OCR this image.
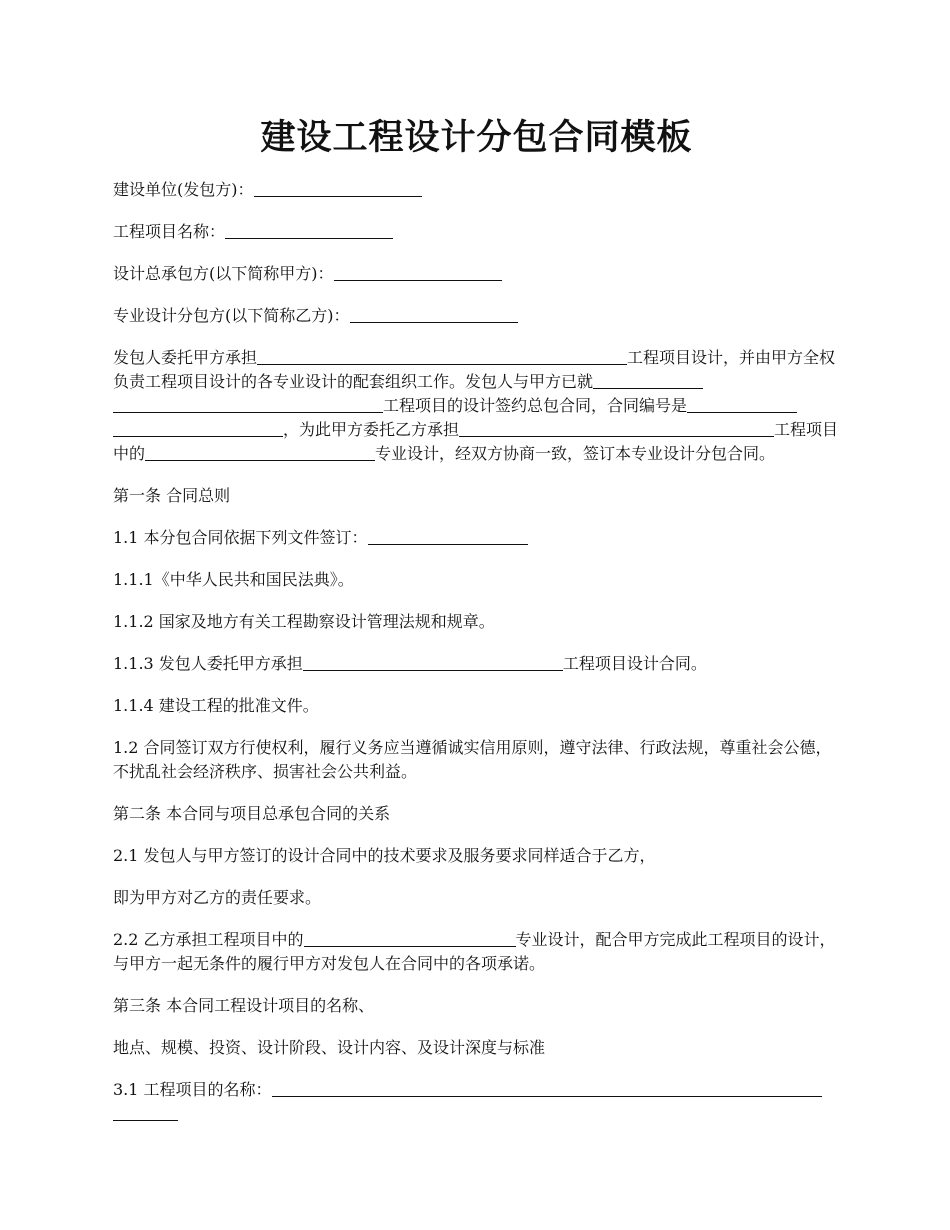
建设工程设计分包合同模板

建设单位(发包方)：

工程项目名称：

设计总承包方(以下简称甲方)：

专业设计分包方(以下简称乙方)：

发包人委托甲方承担	工程项目设计，并由甲方全权负责工程项目设计的各专业设计的配套组织工作。发包人与甲方已就工程项目的设计签约总包合同，合同编号是，为此甲方委托乙方承担	工程项目中的	专业设计，经双方协商一致，签订本专业设计分包合同。

第一条 合同总则

1.1 本分包合同依据下列文件签订：

1.1.1《中华人民共和国民法典》。

1.1.2 国家及地方有关工程勘察设计管理法规和规章。

1.1.3 发包人委托甲方承担	工程项目设计合同。

1.1.4 建设工程的批准文件。

1.2 合同签订双方行使权利，履行义务应当遵循诚实信用原则，遵守法律、行政法规，尊重社会公德，不扰乱社会经济秩序、损害社会公共利益。

第二条 本合同与项目总承包合同的关系

2.1 发包人与甲方签订的设计合同中的技术要求及服务要求同样适合于乙方，

即为甲方对乙方的责任要求。

2.2 乙方承担工程项目中的	专业设计，配合甲方完成此工程项目的设计，与甲方一起无条件的履行甲方对发包人在合同中的各项承诺。

第三条 本合同工程设计项目的名称、

地点、规模、投资、设计阶段、设计内容、及设计深度与标准

3.1 工程项目的名称：
